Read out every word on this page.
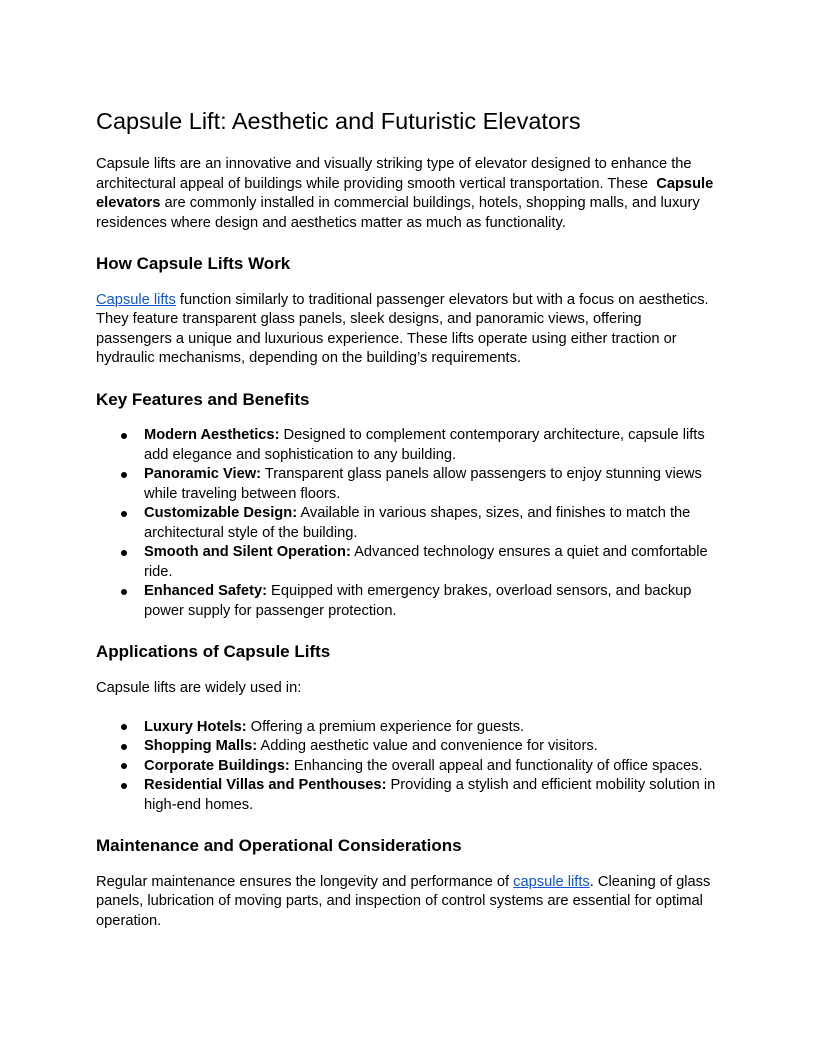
Capsule Lift: Aesthetic and Futuristic Elevators

Capsule lifts are an innovative and visually striking type of elevator designed to enhance the architectural appeal of buildings while providing smooth vertical transportation. These  Capsule elevators are commonly installed in commercial buildings, hotels, shopping malls, and luxury residences where design and aesthetics matter as much as functionality.

How Capsule Lifts Work

Capsule lifts function similarly to traditional passenger elevators but with a focus on aesthetics. They feature transparent glass panels, sleek designs, and panoramic views, offering passengers a unique and luxurious experience. These lifts operate using either traction or hydraulic mechanisms, depending on the building’s requirements.

Key Features and Benefits
Modern Aesthetics: Designed to complement contemporary architecture, capsule lifts add elegance and sophistication to any building.
Panoramic View: Transparent glass panels allow passengers to enjoy stunning views while traveling between floors.
Customizable Design: Available in various shapes, sizes, and finishes to match the architectural style of the building.
Smooth and Silent Operation: Advanced technology ensures a quiet and comfortable ride.
Enhanced Safety: Equipped with emergency brakes, overload sensors, and backup power supply for passenger protection.
Applications of Capsule Lifts

Capsule lifts are widely used in:

Luxury Hotels: Offering a premium experience for guests.
Shopping Malls: Adding aesthetic value and convenience for visitors.
Corporate Buildings: Enhancing the overall appeal and functionality of office spaces.
Residential Villas and Penthouses: Providing a stylish and efficient mobility solution in high-end homes.
Maintenance and Operational Considerations

Regular maintenance ensures the longevity and performance of capsule lifts. Cleaning of glass panels, lubrication of moving parts, and inspection of control systems are essential for optimal operation.
